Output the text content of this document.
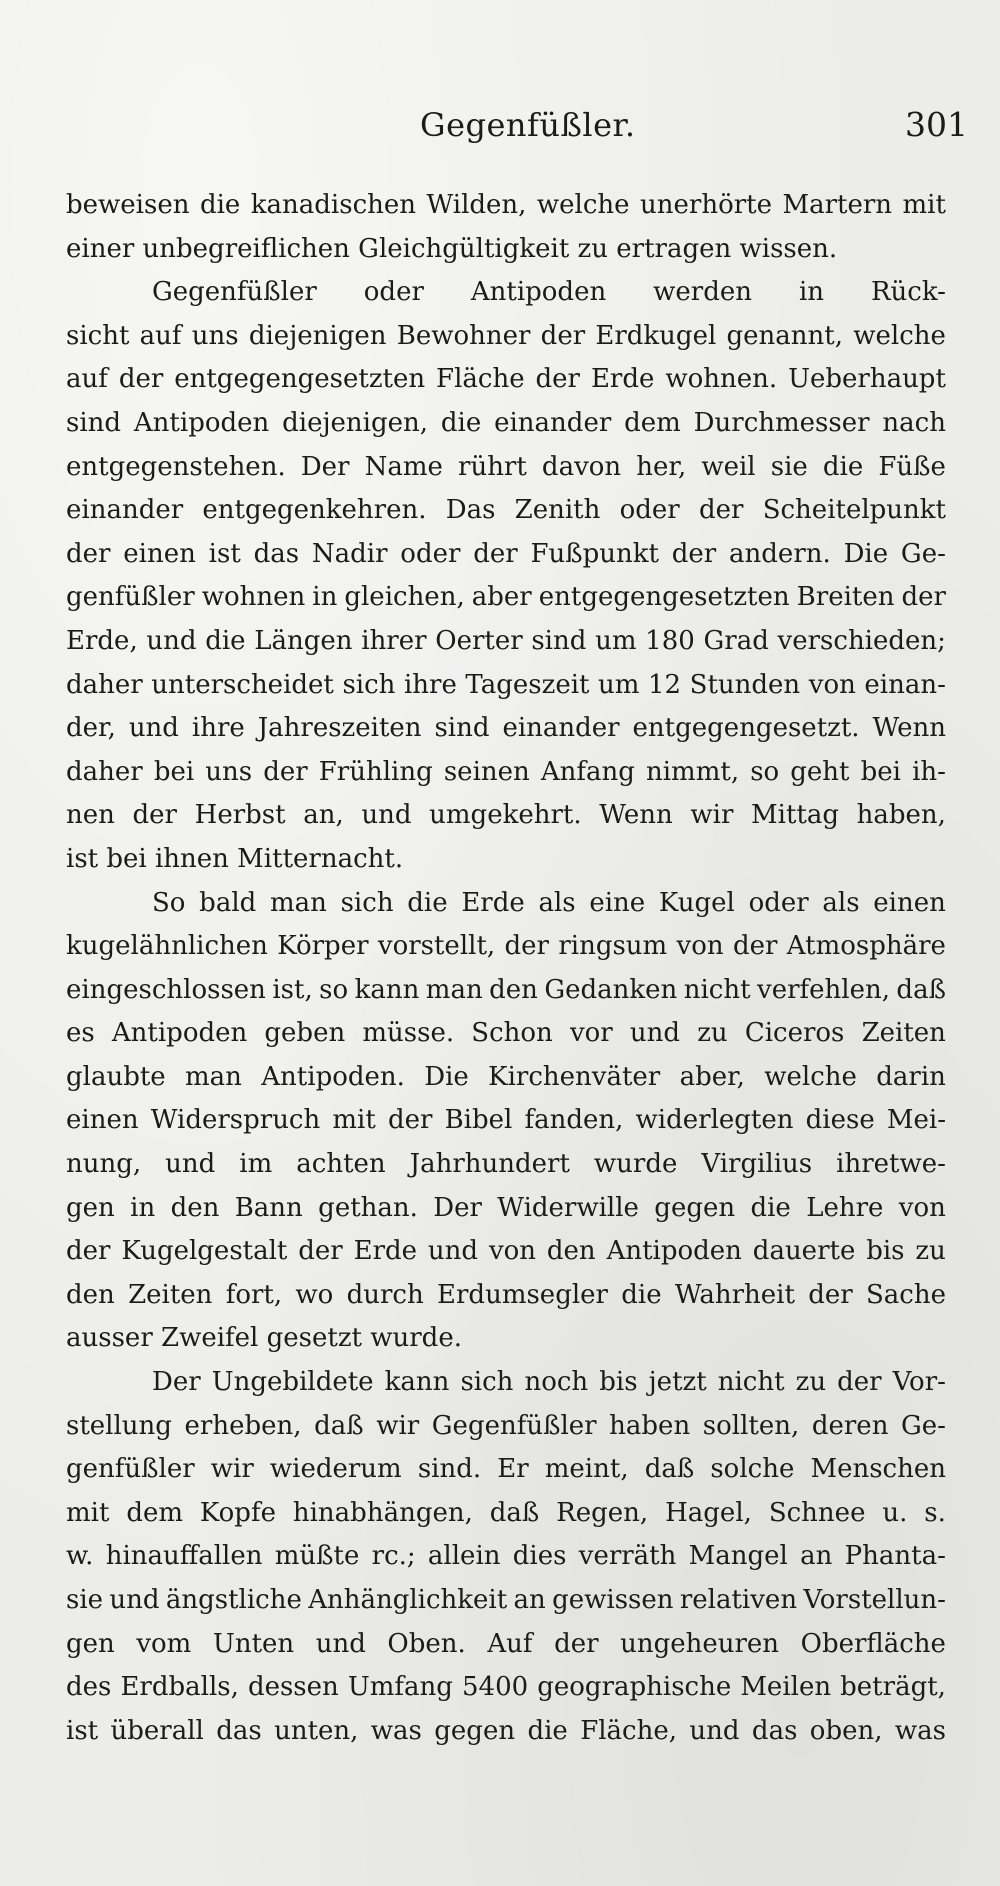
Gegenfüßler.	301
beweisen die kanadischen Wilden, welche unerhörte Martern mit
einer unbegreiflichen Gleichgültigkeit zu ertragen wissen.
Gegenfüßler oder Antipoden werden in Rück-
sicht auf uns diejenigen Bewohner der Erdkugel genannt, welche
auf der entgegengesetzten Fläche der Erde wohnen. Ueberhaupt
sind Antipoden diejenigen, die einander dem Durchmesser nach
entgegenstehen. Der Name rührt davon her, weil sie die Füße
einander entgegenkehren. Das Zenith oder der Scheitelpunkt
der einen ist das Nadir oder der Fußpunkt der andern. Die Ge-
genfüßler wohnen in gleichen, aber entgegengesetzten Breiten der
Erde, und die Längen ihrer Oerter sind um 180 Grad verschieden;
daher unterscheidet sich ihre Tageszeit um 12 Stunden von einan-
der, und ihre Jahreszeiten sind einander entgegengesetzt. Wenn
daher bei uns der Frühling seinen Anfang nimmt, so geht bei ih-
nen der Herbst an, und umgekehrt. Wenn wir Mittag haben,
ist bei ihnen Mitternacht.
So bald man sich die Erde als eine Kugel oder als einen
kugelähnlichen Körper vorstellt, der ringsum von der Atmosphäre
eingeschlossen ist, so kann man den Gedanken nicht verfehlen, daß
es Antipoden geben müsse. Schon vor und zu Ciceros Zeiten
glaubte man Antipoden. Die Kirchenväter aber, welche darin
einen Widerspruch mit der Bibel fanden, widerlegten diese Mei-
nung, und im achten Jahrhundert wurde Virgilius ihretwe-
gen in den Bann gethan. Der Widerwille gegen die Lehre von
der Kugelgestalt der Erde und von den Antipoden dauerte bis zu
den Zeiten fort, wo durch Erdumsegler die Wahrheit der Sache
ausser Zweifel gesetzt wurde.
Der Ungebildete kann sich noch bis jetzt nicht zu der Vor-
stellung erheben, daß wir Gegenfüßler haben sollten, deren Ge-
genfüßler wir wiederum sind. Er meint, daß solche Menschen
mit dem Kopfe hinabhängen, daß Regen, Hagel, Schnee u. s.
w. hinauffallen müßte rc.; allein dies verräth Mangel an Phanta-
sie und ängstliche Anhänglichkeit an gewissen relativen Vorstellun-
gen vom Unten und Oben. Auf der ungeheuren Oberfläche
des Erdballs, dessen Umfang 5400 geographische Meilen beträgt,
ist überall das unten, was gegen die Fläche, und das oben, was
